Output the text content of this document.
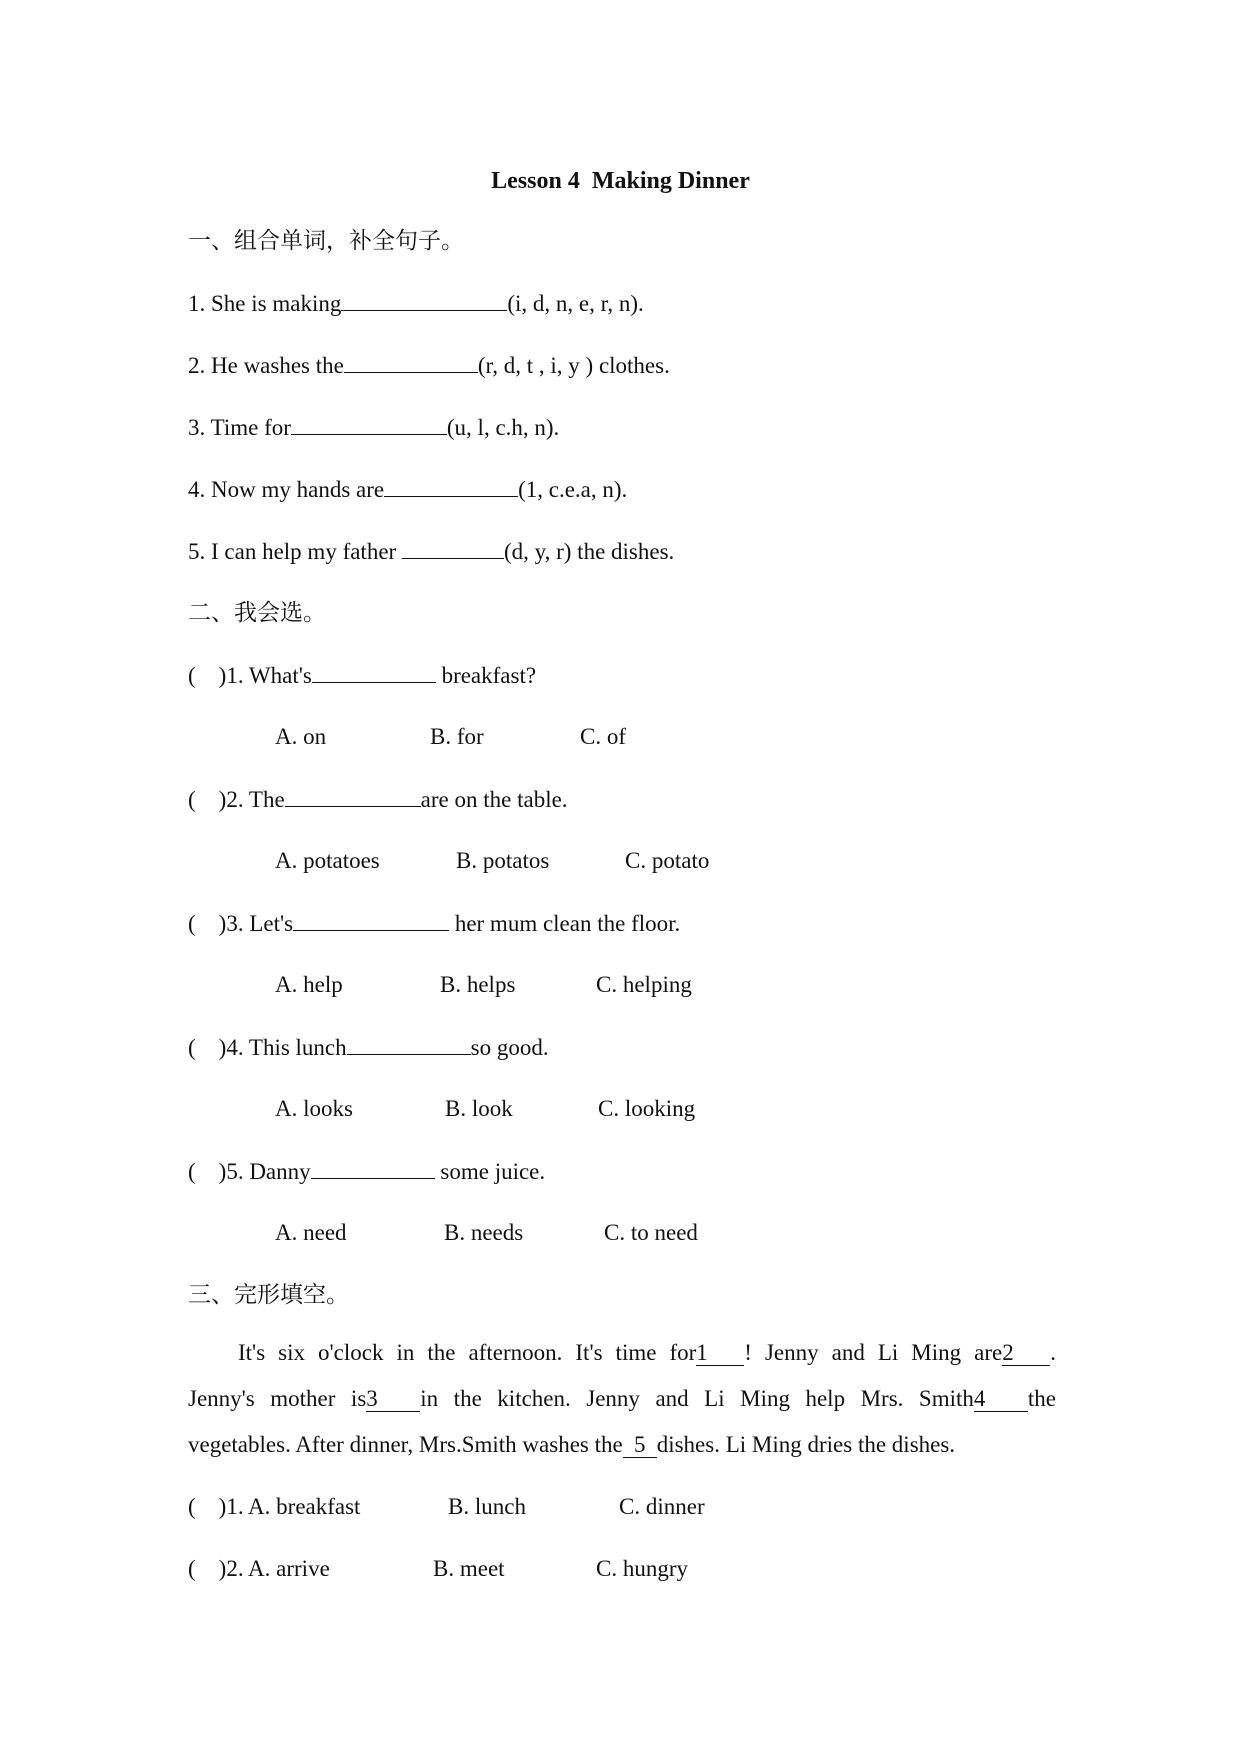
Lesson 4  Making Dinner
一、组合单词，补全句子。
1. She is making	(i, d, n, e, r, n).
2. He washes the	(r, d, t , i, y ) clothes.
3. Time for	(u, l, c.h, n).
4. Now my hands are	(1, c.e.a, n).
5. I can help my father	(d, y, r) the dishes.
二、我会选。
(    )1. What's	breakfast?
A. on	B. for	C. of
(    )2. The	are on the table.
A. potatoes	B. potatos	C. potato
(    )3. Let's	her mum clean the floor.
A. help	B. helps	C. helping
(    )4. This lunch	so good.
A. looks	B. look	C. looking
(    )5. Danny	some juice.
A. need	B. needs	C. to need
三、完形填空。
It's six o'clock in the afternoon. It's time for1 ! Jenny and Li Ming are2 .
Jenny's mother is3 in the kitchen. Jenny and Li Ming help Mrs. Smith4 the
vegetables. After dinner, Mrs.Smith washes the 5 dishes. Li Ming dries the dishes.
(    )1. A. breakfast	B. lunch	C. dinner
(    )2. A. arrive	B. meet	C. hungry
